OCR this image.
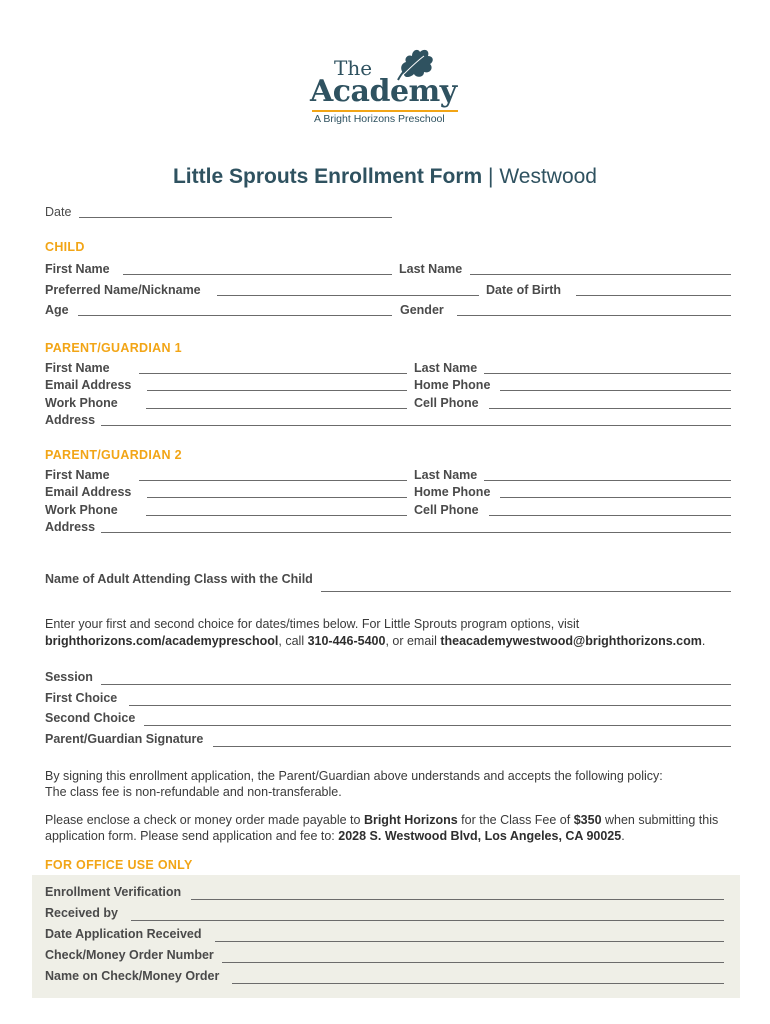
The
Academy
A Bright Horizons Preschool
Little Sprouts Enrollment Form | Westwood
Date
CHILD
First Name	Last Name
Preferred Name/Nickname	Date of Birth
Age	Gender
PARENT/GUARDIAN 1
First Name	Last Name
Email Address	Home Phone
Work Phone	Cell Phone
Address
PARENT/GUARDIAN 2
First Name	Last Name
Email Address	Home Phone
Work Phone	Cell Phone
Address
Name of Adult Attending Class with the Child
Enter your first and second choice for dates/times below. For Little Sprouts program options, visit
brighthorizons.com/academypreschool, call 310-446-5400, or email theacademywestwood@brighthorizons.com.
Session
First Choice
Second Choice
Parent/Guardian Signature
By signing this enrollment application, the Parent/Guardian above understands and accepts the following policy:
The class fee is non-refundable and non-transferable.
Please enclose a check or money order made payable to Bright Horizons for the Class Fee of $350 when submitting this
application form. Please send application and fee to: 2028 S. Westwood Blvd, Los Angeles, CA 90025.
FOR OFFICE USE ONLY
Enrollment Verification
Received by
Date Application Received
Check/Money Order Number
Name on Check/Money Order
